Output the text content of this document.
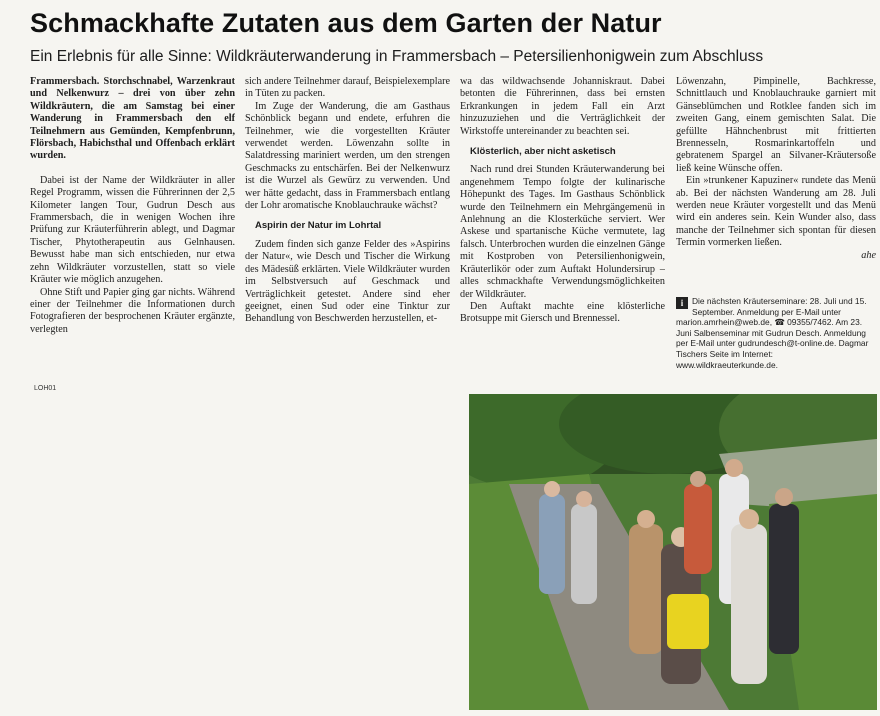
Schmackhafte Zutaten aus dem Garten der Natur
Ein Erlebnis für alle Sinne: Wildkräuterwanderung in Frammersbach – Petersilienhonigwein zum Abschluss

Frammersbach. Storchschnabel, Warzenkraut und Nelkenwurz – drei von über zehn Wildkräutern, die am Samstag bei einer Wanderung in Frammersbach den elf Teilnehmern aus Gemünden, Kempfenbrunn, Flörsbach, Habichsthal und Offenbach erklärt wurden.

Dabei ist der Name der Wildkräuter in aller Regel Programm, wissen die Führerinnen der 2,5 Kilometer langen Tour, Gudrun Desch aus Frammersbach, die in wenigen Wochen ihre Prüfung zur Kräuterführerin ablegt, und Dagmar Tischer, Phytotherapeutin aus Gelnhausen. Bewusst habe man sich entschieden, nur etwa zehn Wildkräuter vorzustellen, statt so viele Kräuter wie möglich anzugehen.

Ohne Stift und Papier ging gar nichts. Während einer der Teilnehmer die Informationen durch Fotografieren der besprochenen Kräuter ergänzte, verlegten

sich andere Teilnehmer darauf, Beispielexemplare in Tüten zu packen.

Im Zuge der Wanderung, die am Gasthaus Schönblick begann und endete, erfuhren die Teilnehmer, wie die vorgestellten Kräuter verwendet werden. Löwenzahn sollte in Salatdressing mariniert werden, um den strengen Geschmacks zu entschärfen. Bei der Nelkenwurz ist die Wurzel als Gewürz zu verwenden. Und wer hätte gedacht, dass in Frammersbach entlang der Lohr aromatische Knoblauchrauke wächst?

Aspirin der Natur im Lohrtal

Zudem finden sich ganze Felder des »Aspirins der Natur«, wie Desch und Tischer die Wirkung des Mädesüß erklärten. Viele Wildkräuter wurden im Selbstversuch auf Geschmack und Verträglichkeit getestet. Andere sind eher geeignet, einen Sud oder eine Tinktur zur Behandlung von Beschwerden herzustellen, et-

wa das wildwachsende Johanniskraut. Dabei betonten die Führerinnen, dass bei ernsten Erkrankungen in jedem Fall ein Arzt hinzuzuziehen und die Verträglichkeit der Wirkstoffe untereinander zu beachten sei.

Klösterlich, aber nicht asketisch

Nach rund drei Stunden Kräuterwanderung bei angenehmem Tempo folgte der kulinarische Höhepunkt des Tages. Im Gasthaus Schönblick wurde den Teilnehmern ein Mehrgängemenü in Anlehnung an die Klosterküche serviert. Wer Askese und spartanische Küche vermutete, lag falsch. Unterbrochen wurden die einzelnen Gänge mit Kostproben von Petersilienhonigwein, Kräuterlikör oder zum Auftakt Holundersirup – alles schmackhafte Verwendungsmöglichkeiten der Wildkräuter.

Den Auftakt machte eine klösterliche Brotsuppe mit Giersch und Brennessel.

Löwenzahn, Pimpinelle, Bachkresse, Schnittlauch und Knoblauchrauke garniert mit Gänseblümchen und Rotklee fanden sich im zweiten Gang, einem gemischten Salat. Die gefüllte Hähnchenbrust mit frittierten Brennesseln, Rosmarinkartoffeln und gebratenem Spargel an Silvaner-Kräutersoße ließ keine Wünsche offen.

Ein »trunkener Kapuziner« rundete das Menü ab. Bei der nächsten Wanderung am 28. Juli werden neue Kräuter vorgestellt und das Menü wird ein anderes sein. Kein Wunder also, dass manche der Teilnehmer sich spontan für diesen Termin vormerken ließen.

ahe

i	Die nächsten Kräuterseminare: 28. Juli und 15. September. Anmeldung per E-Mail unter marion.amrhein@web.de, ☎ 09355/7462. Am 23. Juni Salbenseminar mit Gudrun Desch. Anmeldung per E-Mail unter gudrundesch@t-online.de. Dagmar Tischers Seite im Internet: www.wildkraeuterkunde.de.
LOH01
